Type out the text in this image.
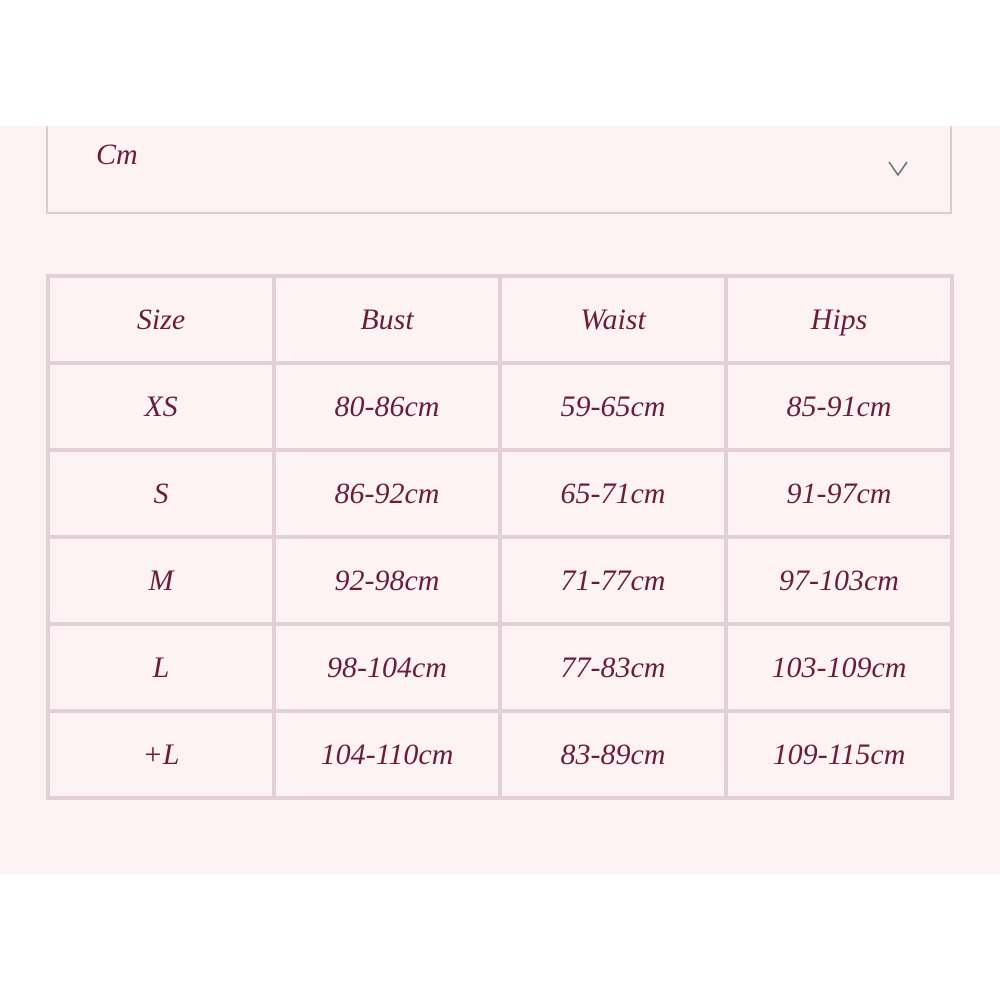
Cm
Size	Bust	Waist	Hips
XS	80-86cm	59-65cm	85-91cm
S	86-92cm	65-71cm	91-97cm
M	92-98cm	71-77cm	97-103cm
L	98-104cm	77-83cm	103-109cm
+L	104-110cm	83-89cm	109-115cm
